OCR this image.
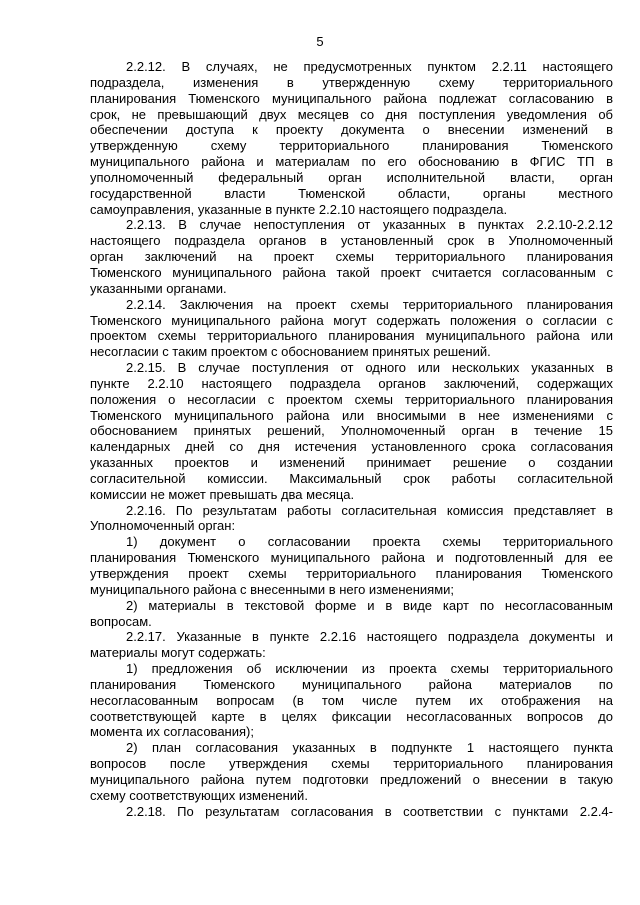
5
2.2.12. В случаях, не предусмотренных пунктом 2.2.11 настоящего
подраздела, изменения в утвержденную схему территориального
планирования Тюменского муниципального района подлежат согласованию в
срок, не превышающий двух месяцев со дня поступления уведомления об
обеспечении доступа к проекту документа о внесении изменений в
утвержденную схему территориального планирования Тюменского
муниципального района и материалам по его обоснованию в ФГИС ТП в
уполномоченный федеральный орган исполнительной власти, орган
государственной власти Тюменской области, органы местного
самоуправления, указанные в пункте 2.2.10 настоящего подраздела.
2.2.13. В случае непоступления от указанных в пунктах 2.2.10-2.2.12
настоящего подраздела органов в установленный срок в Уполномоченный
орган заключений на проект схемы территориального планирования
Тюменского муниципального района такой проект считается согласованным с
указанными органами.
2.2.14. Заключения на проект схемы территориального планирования
Тюменского муниципального района могут содержать положения о согласии с
проектом схемы территориального планирования муниципального района или
несогласии с таким проектом с обоснованием принятых решений.
2.2.15. В случае поступления от одного или нескольких указанных в
пункте 2.2.10 настоящего подраздела органов заключений, содержащих
положения о несогласии с проектом схемы территориального планирования
Тюменского муниципального района или вносимыми в нее изменениями с
обоснованием принятых решений, Уполномоченный орган в течение 15
календарных дней со дня истечения установленного срока согласования
указанных проектов и изменений принимает решение о создании
согласительной комиссии. Максимальный срок работы согласительной
комиссии не может превышать два месяца.
2.2.16. По результатам работы согласительная комиссия представляет в
Уполномоченный орган:
1) документ о согласовании проекта схемы территориального
планирования Тюменского муниципального района и подготовленный для ее
утверждения проект схемы территориального планирования Тюменского
муниципального района с внесенными в него изменениями;
2) материалы в текстовой форме и в виде карт по несогласованным
вопросам.
2.2.17. Указанные в пункте 2.2.16 настоящего подраздела документы и
материалы могут содержать:
1) предложения об исключении из проекта схемы территориального
планирования Тюменского муниципального района материалов по
несогласованным вопросам (в том числе путем их отображения на
соответствующей карте в целях фиксации несогласованных вопросов до
момента их согласования);
2) план согласования указанных в подпункте 1 настоящего пункта
вопросов после утверждения схемы территориального планирования
муниципального района путем подготовки предложений о внесении в такую
схему соответствующих изменений.
2.2.18. По результатам согласования в соответствии с пунктами 2.2.4-
